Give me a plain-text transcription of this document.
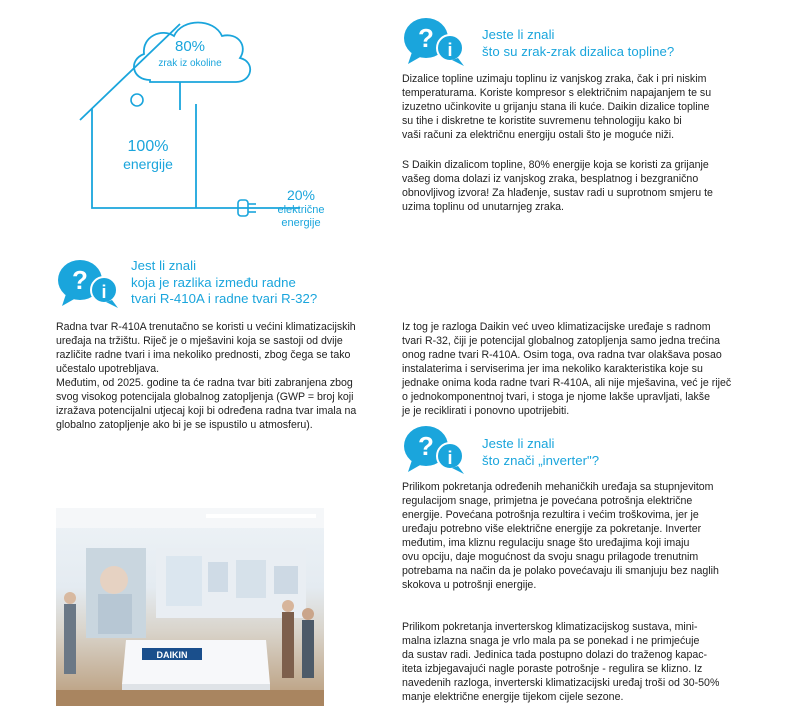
80%
zrak iz okoline
100%
energije
20%
električne
energije
? i

Jeste li znali
što su zrak-zrak dizalica topline?

Dizalice topline uzimaju toplinu iz vanjskog zraka, čak i pri niskim
temperaturama. Koriste kompresor s električnim napajanjem te su
izuzetno učinkovite u grijanju stana ili kuće. Daikin dizalice topline
su tihe i diskretne te koristite suvremenu tehnologiju kako bi
vaši računi za električnu energiju ostali što je moguće niži.

S Daikin dizalicom topline, 80% energije koja se koristi za grijanje
vašeg doma dolazi iz vanjskog zraka, besplatnog i bezgranično
obnovljivog izvora! Za hlađenje, sustav radi u suprotnom smjeru te
uzima toplinu od unutarnjeg zraka.

? i

Jest li znali
koja je razlika između radne
tvari R-410A i radne tvari R-32?

Radna tvar R-410A trenutačno se koristi u većini klimatizacijskih
uređaja na tržištu. Riječ je o mješavini koja se sastoji od dvije
različite radne tvari i ima nekoliko prednosti, zbog čega se tako
učestalo upotrebljava.
Međutim, od 2025. godine ta će radna tvar biti zabranjena zbog
svog visokog potencijala globalnog zatopljenja (GWP = broj koji
izražava potencijalni utjecaj koji bi određena radna tvar imala na
globalno zatopljenje ako bi je se ispustilo u atmosferu).

Iz tog je razloga Daikin već uveo klimatizacijske uređaje s radnom
tvari R-32, čiji je potencijal globalnog zatopljenja samo jedna trećina
onog radne tvari R-410A. Osim toga, ova radna tvar olakšava posao
instalaterima i serviserima jer ima nekoliko karakteristika koje su
jednake onima koda radne tvari R-410A, ali nije mješavina, već je riječ
o jednokomponentnoj tvari, i stoga je njome lakše upravljati, lakše
je je reciklirati i ponovno upotrijebiti.

? i

Jeste li znali
što znači „inverter"?

Prilikom pokretanja određenih mehaničkih uređaja sa stupnjevitom
regulacijom snage, primjetna je povećana potrošnja električne
energije. Povećana potrošnja rezultira i većim troškovima, jer je
uređaju potrebno više električne energije za pokretanje. Inverter
međutim, ima kliznu regulaciju snage što uređajima koji imaju
ovu opciju, daje mogućnost da svoju snagu prilagode trenutnim
potrebama na način da je polako povećavaju ili smanjuju bez naglih
skokova u potrošnji energije.

Prilikom pokretanja inverterskog klimatizacijskog sustava, mini-
malna izlazna snaga je vrlo mala pa se ponekad i ne primjećuje
da sustav radi. Jedinica tada postupno dolazi do traženog kapac-
iteta izbjegavajući nagle poraste potrošnje - regulira se klizno. Iz
navedenih razloga, inverterski klimatizacijski uređaj troši od 30-50%
manje električne energije tijekom cijele sezone.

DAIKIN
